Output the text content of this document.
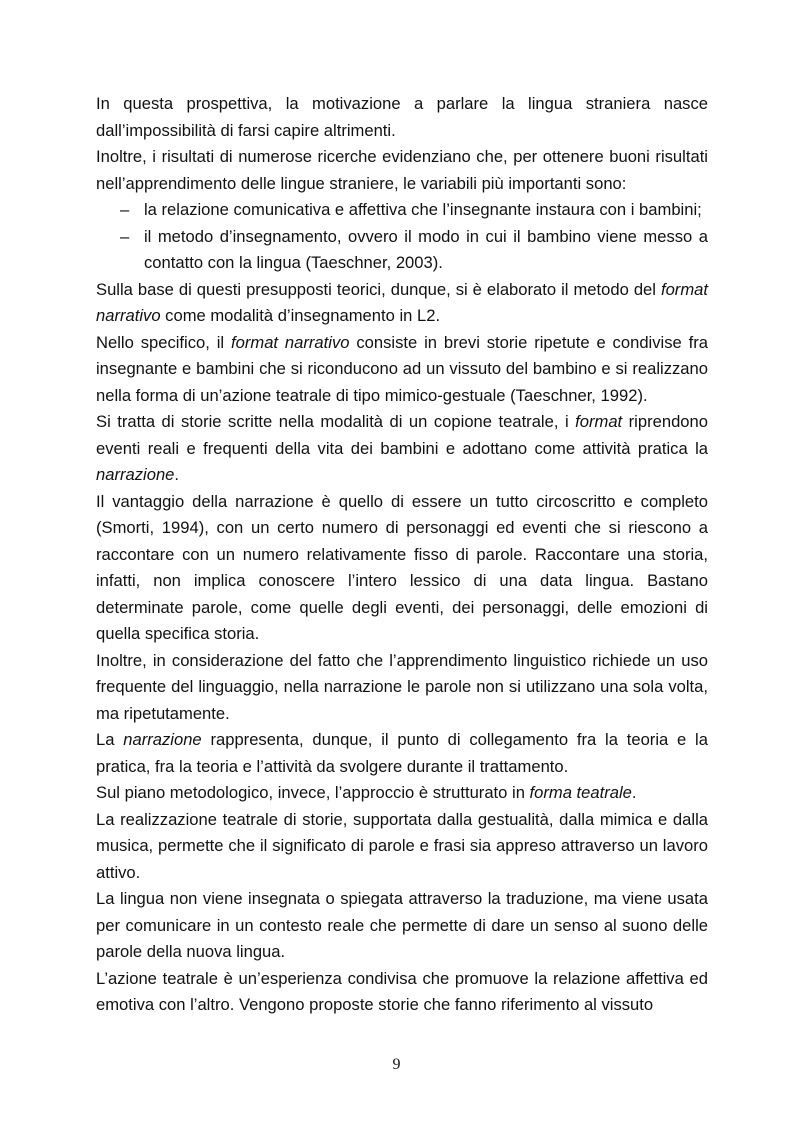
In questa prospettiva, la motivazione a parlare la lingua straniera nasce dall’impossibilità di farsi capire altrimenti.

Inoltre, i risultati di numerose ricerche evidenziano che, per ottenere buoni risultati nell’apprendimento delle lingue straniere, le variabili più importanti sono:

– la relazione comunicativa e affettiva che l’insegnante instaura con i bambini;

– il metodo d’insegnamento, ovvero il modo in cui il bambino viene messo a contatto con la lingua (Taeschner, 2003).

Sulla base di questi presupposti teorici, dunque, si è elaborato il metodo del format narrativo come modalità d’insegnamento in L2.

Nello specifico, il format narrativo consiste in brevi storie ripetute e condivise fra insegnante e bambini che si riconducono ad un vissuto del bambino e si realizzano nella forma di un’azione teatrale di tipo mimico-gestuale (Taeschner, 1992).

Si tratta di storie scritte nella modalità di un copione teatrale, i format riprendono eventi reali e frequenti della vita dei bambini e adottano come attività pratica la narrazione.

Il vantaggio della narrazione è quello di essere un tutto circoscritto e completo (Smorti, 1994), con un certo numero di personaggi ed eventi che si riescono a raccontare con un numero relativamente fisso di parole. Raccontare una storia, infatti, non implica conoscere l’intero lessico di una data lingua. Bastano determinate parole, come quelle degli eventi, dei personaggi, delle emozioni di quella specifica storia.

Inoltre, in considerazione del fatto che l’apprendimento linguistico richiede un uso frequente del linguaggio, nella narrazione le parole non si utilizzano una sola volta, ma ripetutamente.

La narrazione rappresenta, dunque, il punto di collegamento fra la teoria e la pratica, fra la teoria e l’attività da svolgere durante il trattamento.

Sul piano metodologico, invece, l’approccio è strutturato in forma teatrale.

La realizzazione teatrale di storie, supportata dalla gestualità, dalla mimica e dalla musica, permette che il significato di parole e frasi sia appreso attraverso un lavoro attivo.

La lingua non viene insegnata o spiegata attraverso la traduzione, ma viene usata per comunicare in un contesto reale che permette di dare un senso al suono delle parole della nuova lingua.

L’azione teatrale è un’esperienza condivisa che promuove la relazione affettiva ed emotiva con l’altro. Vengono proposte storie che fanno riferimento al vissuto

9
